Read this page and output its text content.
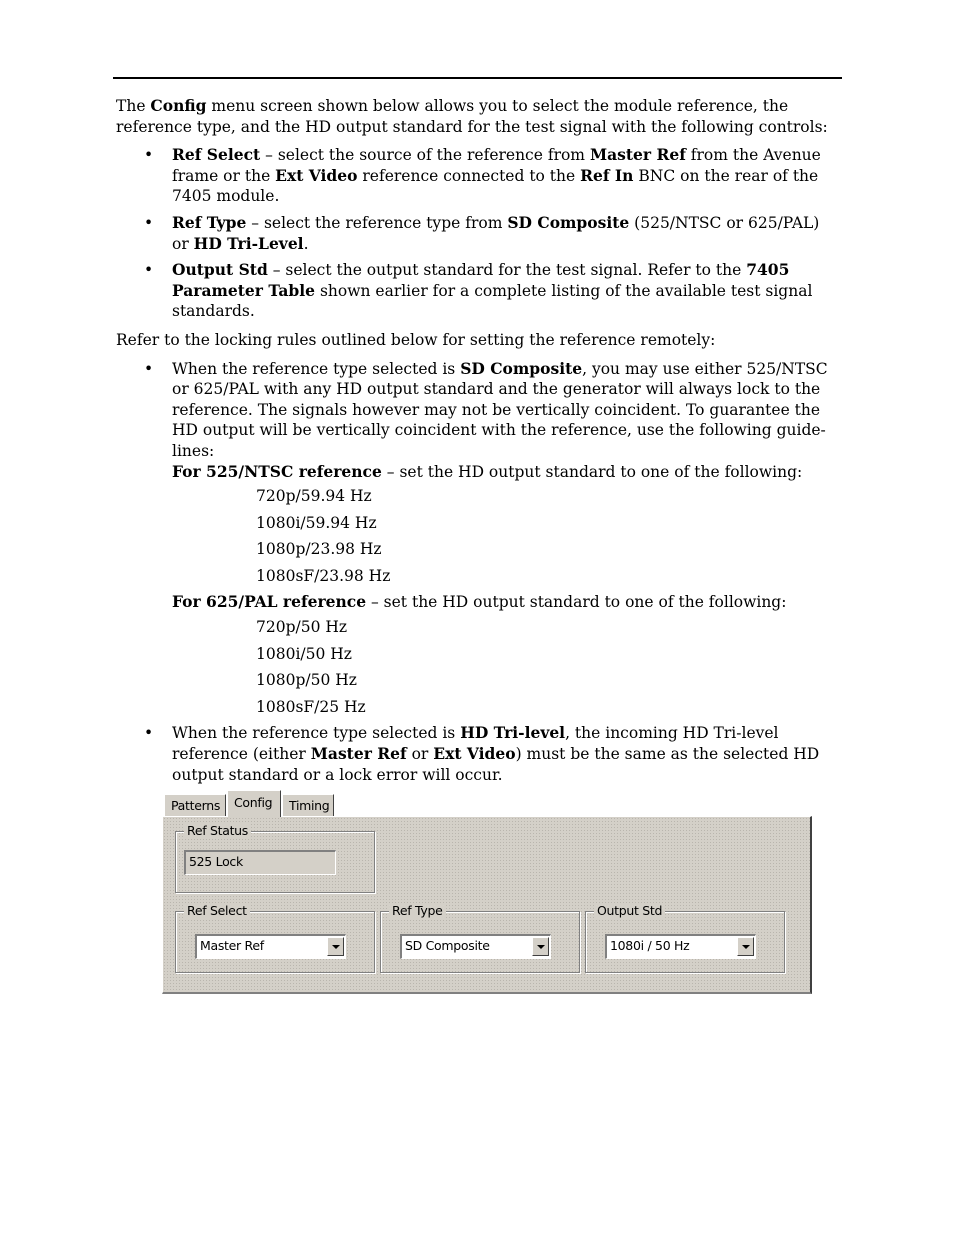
The Config menu screen shown below allows you to select the module reference, the reference type, and the HD output standard for the test signal with the following controls:

• Ref Select – select the source of the reference from Master Ref from the Avenue frame or the Ext Video reference connected to the Ref In BNC on the rear of the 7405 module.
• Ref Type – select the reference type from SD Composite (525/NTSC or 625/PAL) or HD Tri-Level.
• Output Std – select the output standard for the test signal. Refer to the 7405 Parameter Table shown earlier for a complete listing of the available test signal standards.

Refer to the locking rules outlined below for setting the reference remotely:

• When the reference type selected is SD Composite, you may use either 525/NTSC or 625/PAL with any HD output standard and the generator will always lock to the reference. The signals however may not be vertically coincident. To guarantee the HD output will be vertically coincident with the reference, use the following guide-lines:

For 525/NTSC reference – set the HD output standard to one of the following:

720p/59.94 Hz
1080i/59.94 Hz
1080p/23.98 Hz
1080sF/23.98 Hz

For 625/PAL reference – set the HD output standard to one of the following:

720p/50 Hz
1080i/50 Hz
1080p/50 Hz
1080sF/25 Hz
• When the reference type selected is HD Tri-level, the incoming HD Tri-level reference (either Master Ref or Ext Video) must be the same as the selected HD output standard or a lock error will occur.
Patterns	Config	Timing
Ref Status
525 Lock
Ref Select
Master Ref
Ref Type
SD Composite
Output Std
1080i / 50 Hz
